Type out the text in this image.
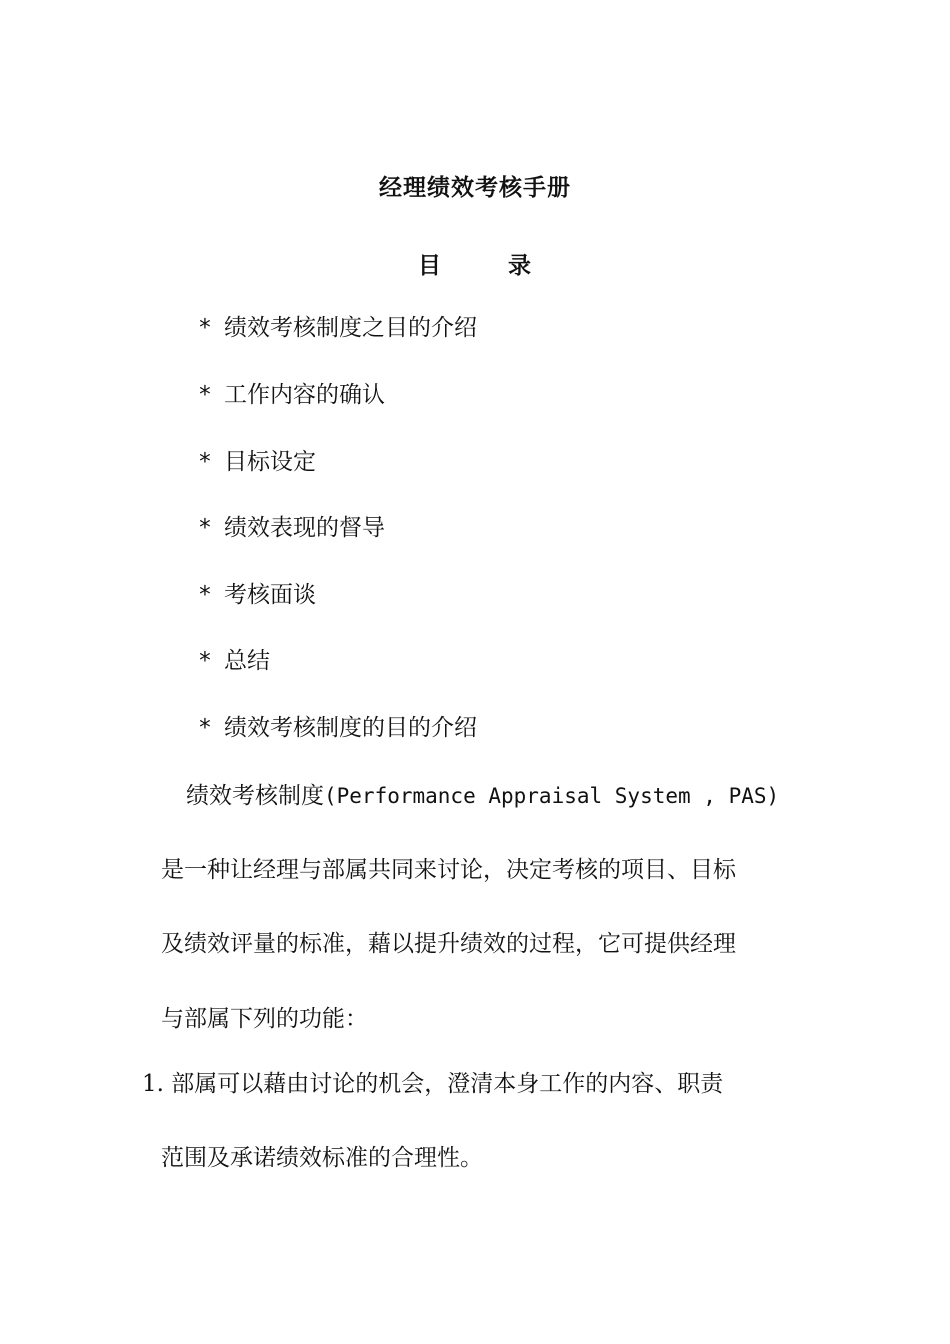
经理绩效考核手册
目	录
* 绩效考核制度之目的介绍
* 工作内容的确认
* 目标设定
* 绩效表现的督导
* 考核面谈
* 总结
* 绩效考核制度的目的介绍
绩效考核制度(Performance Appraisal System , PAS)
是一种让经理与部属共同来讨论，决定考核的项目、目标
及绩效评量的标准，藉以提升绩效的过程，它可提供经理
与部属下列的功能：
1. 部属可以藉由讨论的机会，澄清本身工作的内容、职责
范围及承诺绩效标准的合理性。
